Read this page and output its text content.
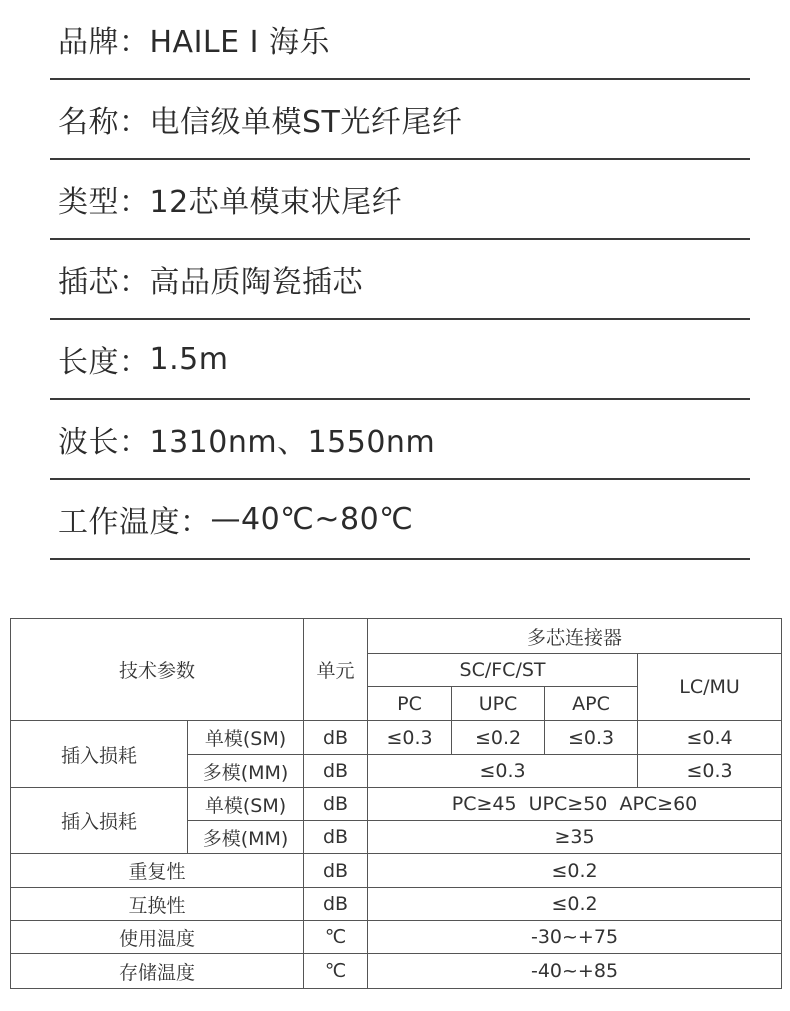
品牌： HAILE I 海乐
名称： 电信级单模ST光纤尾纤
类型： 12芯单模束状尾纤
插芯： 高品质陶瓷插芯
长度： 1.5m
波长： 1310nm、1550nm
工作温度： —40℃~80℃
技术参数		单元	多芯连接器			
			SC/FC/ST			LC/MU
			PC	UPC	APC	
插入损耗	单模(SM)	dB	≤0.3	≤0.2	≤0.3	≤0.4
	多模(MM)	dB	≤0.3			≤0.3
插入损耗	单模(SM)	dB	PC≥45  UPC≥50  APC≥60			
	多模(MM)	dB	≥35			
重复性		dB	≤0.2			
互换性		dB	≤0.2			
使用温度		℃	-30~+75			
存储温度		℃	-40~+85			
